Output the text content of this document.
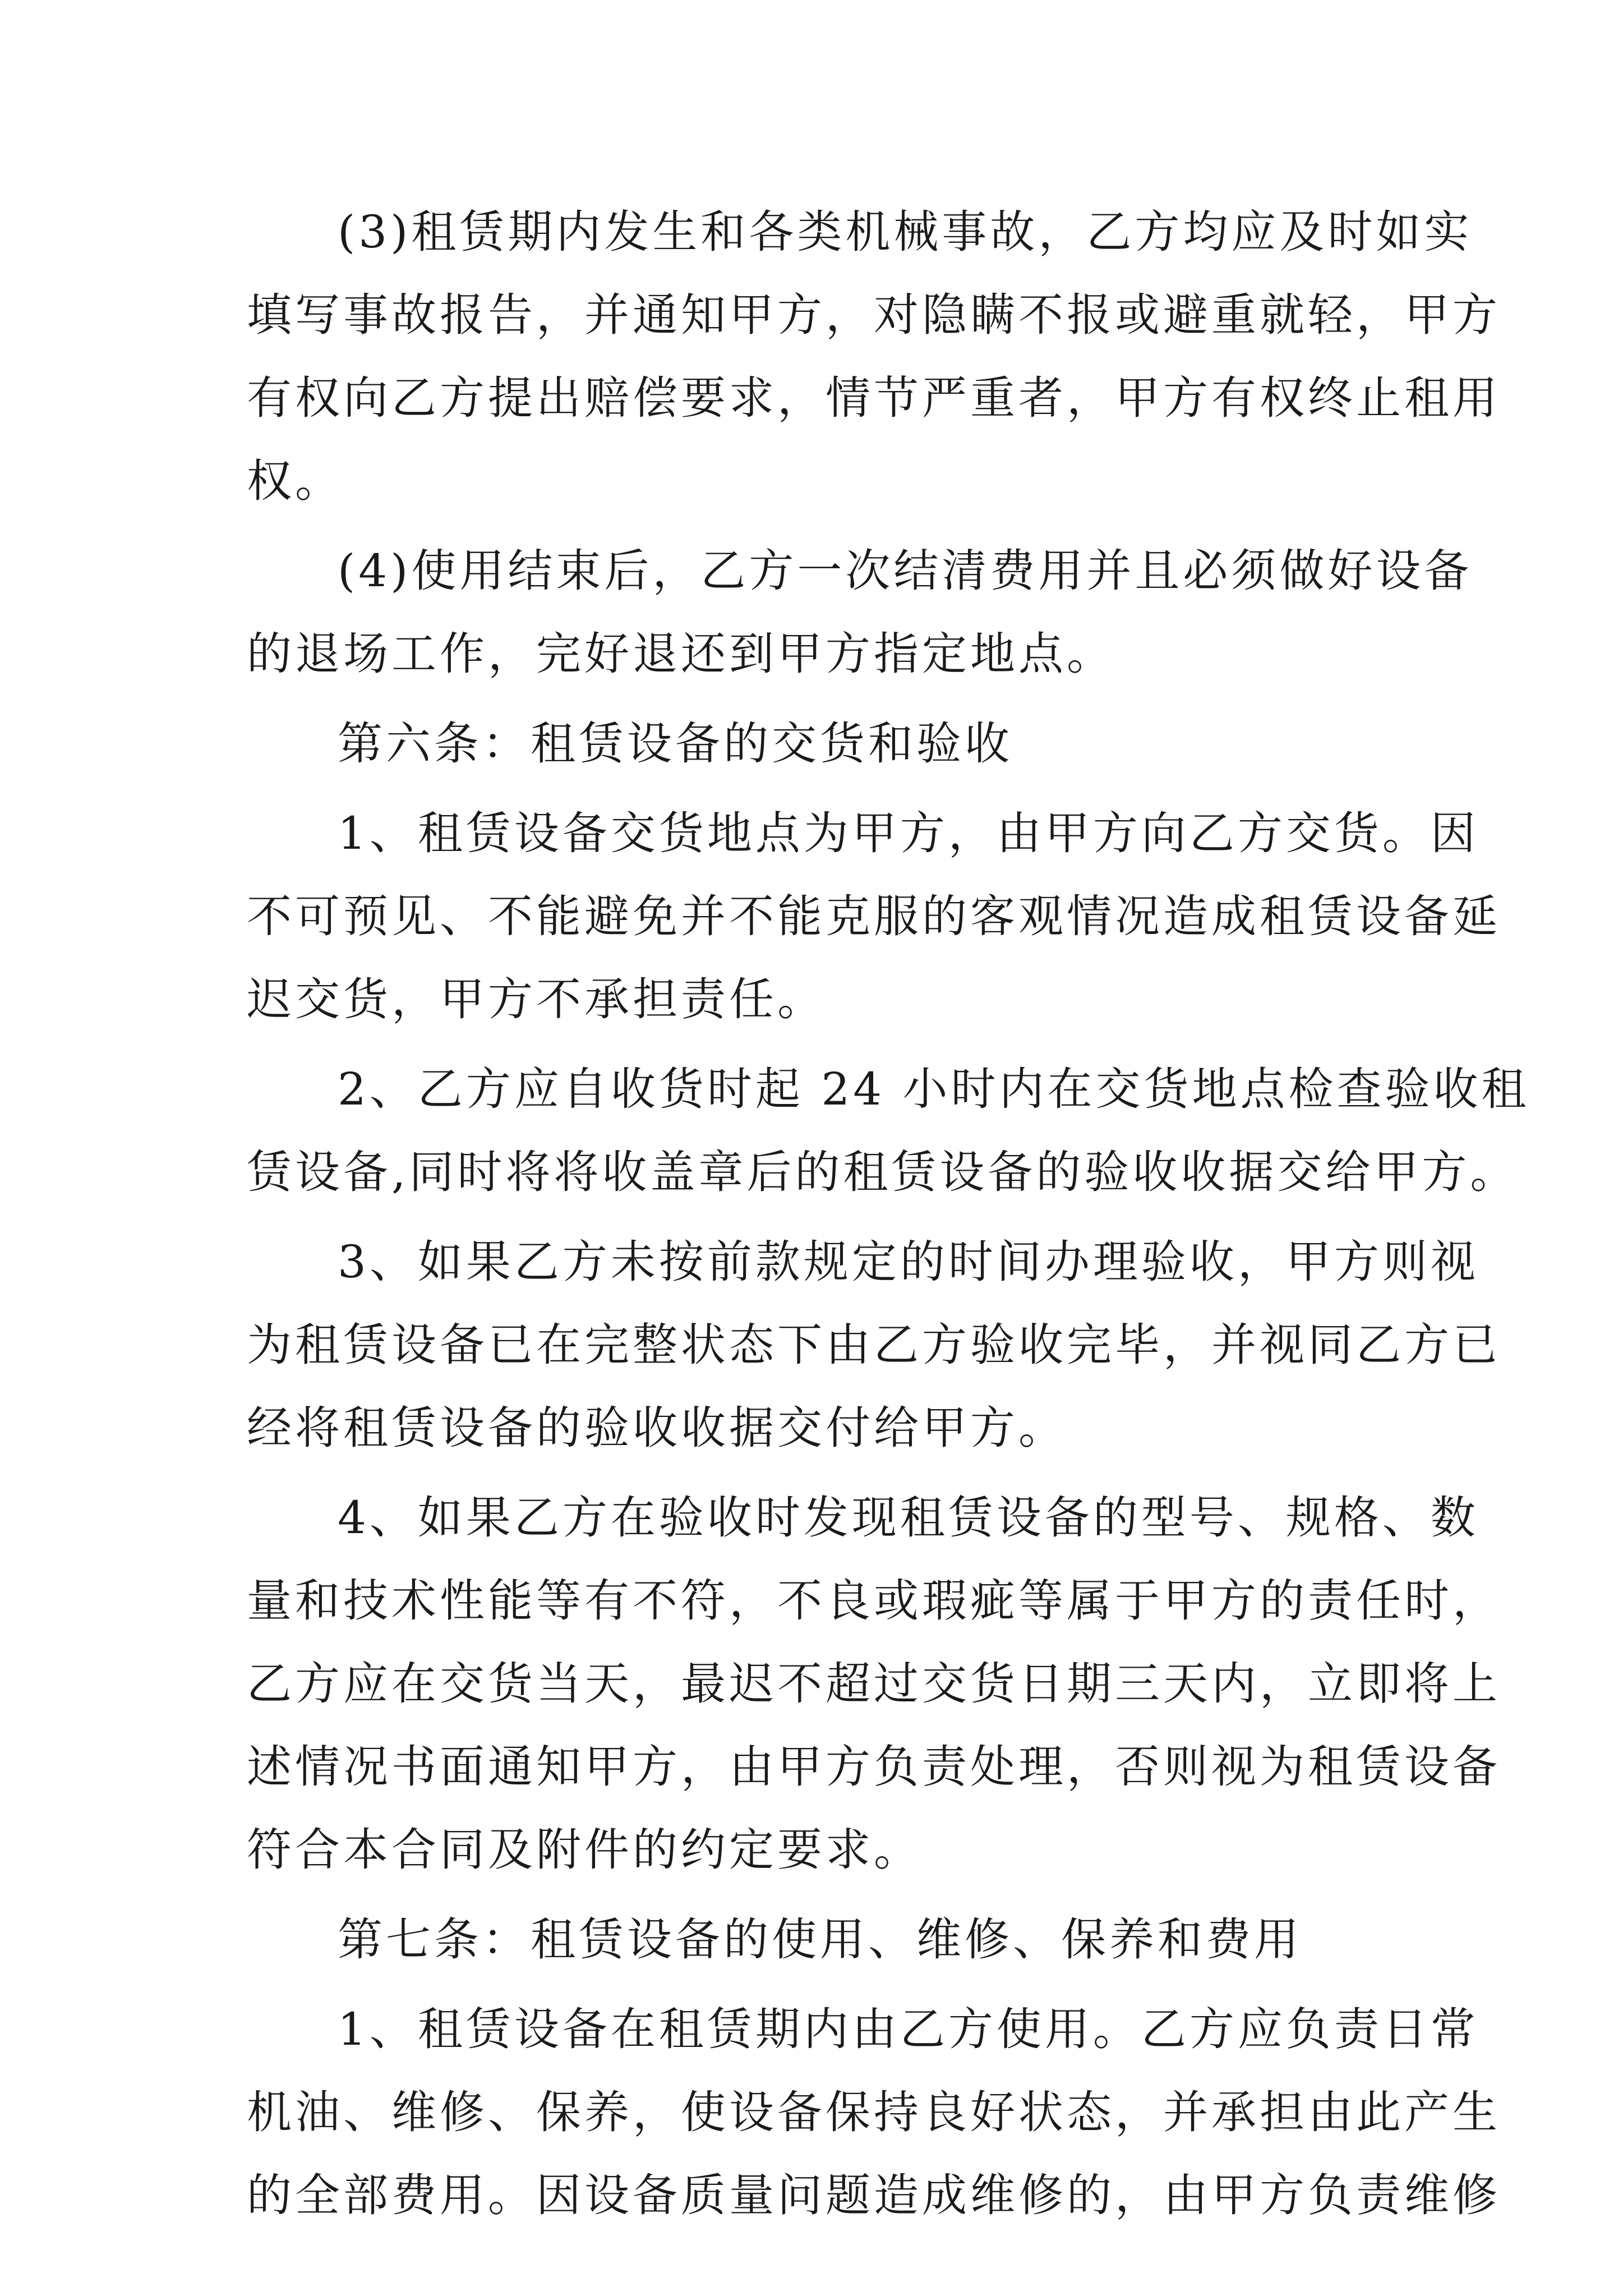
(3)租赁期内发生和各类机械事故，乙方均应及时如实
填写事故报告，并通知甲方，对隐瞒不报或避重就轻，甲方
有权向乙方提出赔偿要求，情节严重者，甲方有权终止租用
权。
(4)使用结束后，乙方一次结清费用并且必须做好设备
的退场工作，完好退还到甲方指定地点。
第六条：租赁设备的交货和验收
1、租赁设备交货地点为甲方，由甲方向乙方交货。因
不可预见、不能避免并不能克服的客观情况造成租赁设备延
迟交货，甲方不承担责任。
2、乙方应自收货时起 24 小时内在交货地点检查验收租
赁设备,同时将将收盖章后的租赁设备的验收收据交给甲方。
3、如果乙方未按前款规定的时间办理验收，甲方则视
为租赁设备已在完整状态下由乙方验收完毕，并视同乙方已
经将租赁设备的验收收据交付给甲方。
4、如果乙方在验收时发现租赁设备的型号、规格、数
量和技术性能等有不符，不良或瑕疵等属于甲方的责任时，
乙方应在交货当天，最迟不超过交货日期三天内，立即将上
述情况书面通知甲方，由甲方负责处理，否则视为租赁设备
符合本合同及附件的约定要求。
第七条：租赁设备的使用、维修、保养和费用
1、租赁设备在租赁期内由乙方使用。乙方应负责日常
机油、维修、保养，使设备保持良好状态，并承担由此产生
的全部费用。因设备质量问题造成维修的，由甲方负责维修
